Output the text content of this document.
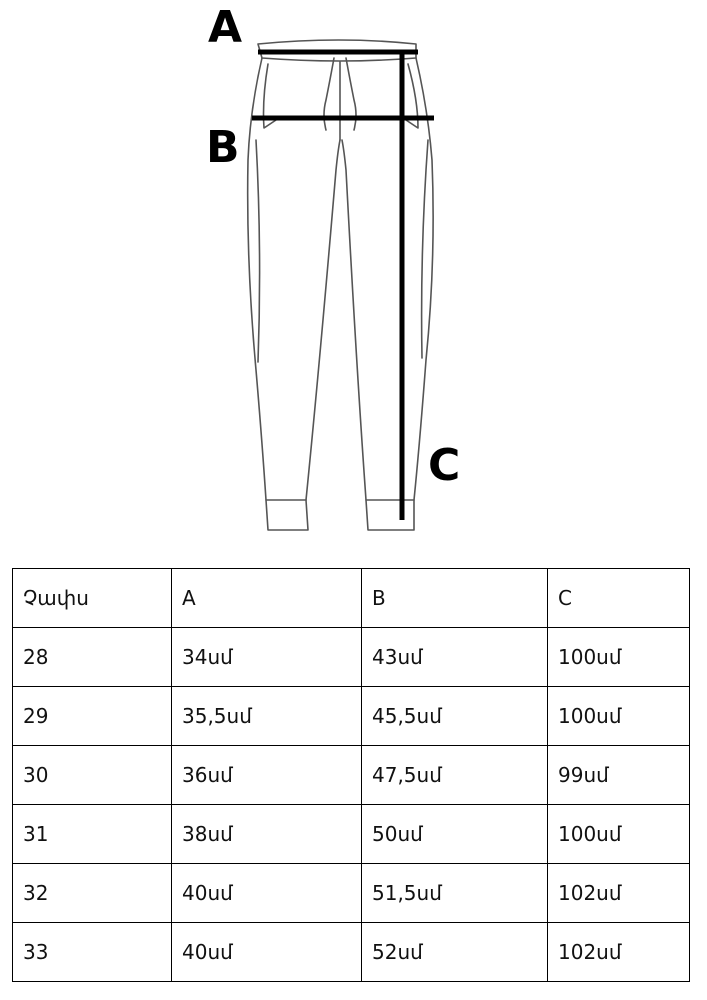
A
B
C
Չափս	A	B	C
28	34սմ	43սմ	100սմ
29	35,5սմ	45,5սմ	100սմ
30	36սմ	47,5սմ	99սմ
31	38սմ	50սմ	100սմ
32	40սմ	51,5սմ	102սմ
33	40սմ	52սմ	102սմ
